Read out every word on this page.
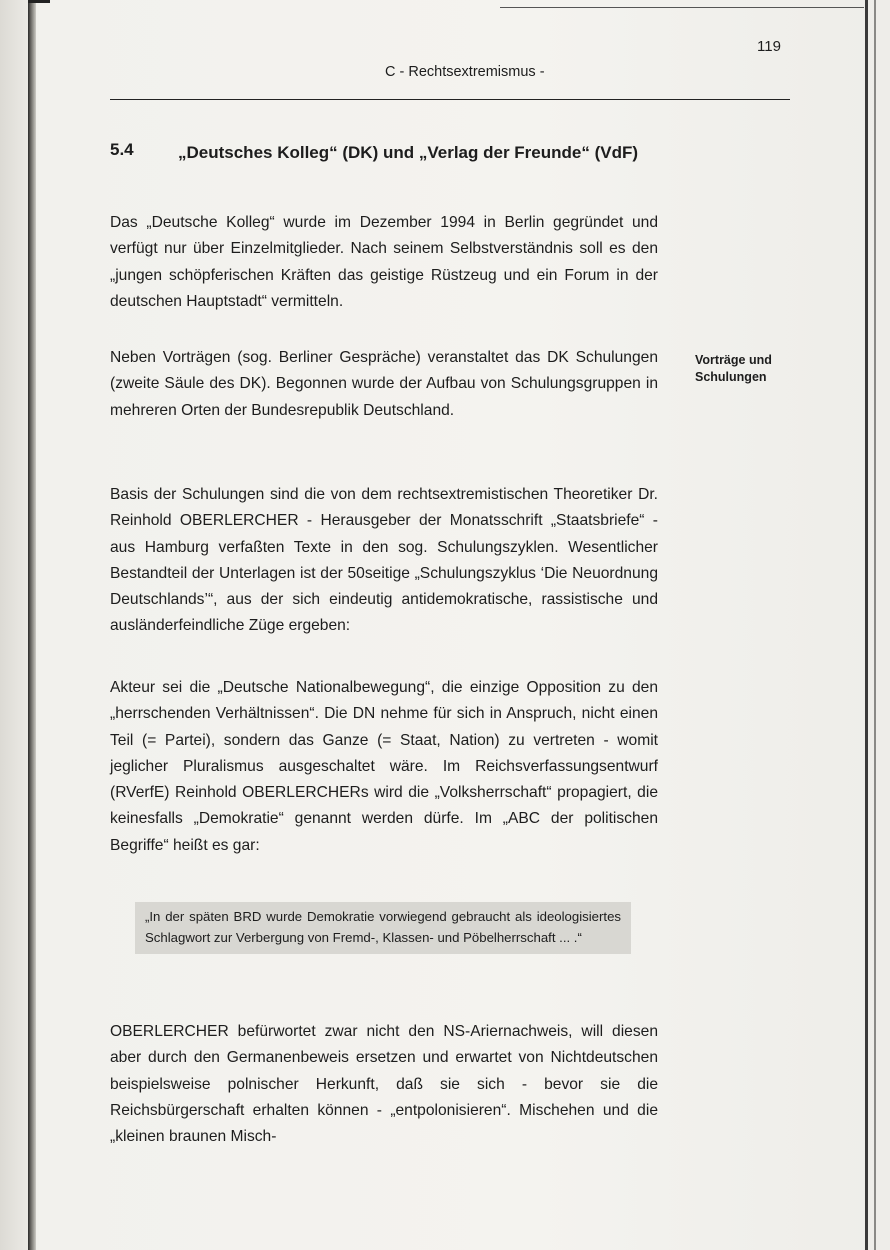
119
C - Rechtsextremismus -
5.4	„Deutsches Kolleg“ (DK) und „Verlag der Freunde“ (VdF)
Das „Deutsche Kolleg“ wurde im Dezember 1994 in Berlin gegründet und verfügt nur über Einzelmitglieder. Nach seinem Selbstverständnis soll es den „jungen schöpferischen Kräften das geistige Rüstzeug und ein Forum in der deutschen Hauptstadt“ vermitteln.
Neben Vorträgen (sog. Berliner Gespräche) veranstaltet das DK Schulungen (zweite Säule des DK). Begonnen wurde der Aufbau von Schulungsgruppen in mehreren Orten der Bundesrepublik Deutschland.
Vorträge und Schulungen
Basis der Schulungen sind die von dem rechtsextremistischen Theoretiker Dr. Reinhold OBERLERCHER - Herausgeber der Monatsschrift „Staatsbriefe“ - aus Hamburg verfaßten Texte in den sog. Schulungszyklen. Wesentlicher Bestandteil der Unterlagen ist der 50seitige „Schulungszyklus ‘Die Neuordnung Deutschlands’“, aus der sich eindeutig antidemokratische, rassistische und ausländerfeindliche Züge ergeben:
Akteur sei die „Deutsche Nationalbewegung“, die einzige Opposition zu den „herrschenden Verhältnissen“. Die DN nehme für sich in Anspruch, nicht einen Teil (= Partei), sondern das Ganze (= Staat, Nation) zu vertreten - womit jeglicher Pluralismus ausgeschaltet wäre. Im Reichsverfassungsentwurf (RVerfE) Reinhold OBERLERCHERs wird die „Volksherrschaft“ propagiert, die keinesfalls „Demokratie“ genannt werden dürfe. Im „ABC der politischen Begriffe“ heißt es gar:
„In der späten BRD wurde Demokratie vorwiegend gebraucht als ideologisiertes Schlagwort zur Verbergung von Fremd-, Klassen- und Pöbelherrschaft ... .“
OBERLERCHER befürwortet zwar nicht den NS-Ariernachweis, will diesen aber durch den Germanenbeweis ersetzen und erwartet von Nichtdeutschen beispielsweise polnischer Herkunft, daß sie sich - bevor sie die Reichsbürgerschaft erhalten können - „entpolonisieren“. Mischehen und die „kleinen braunen Misch-
